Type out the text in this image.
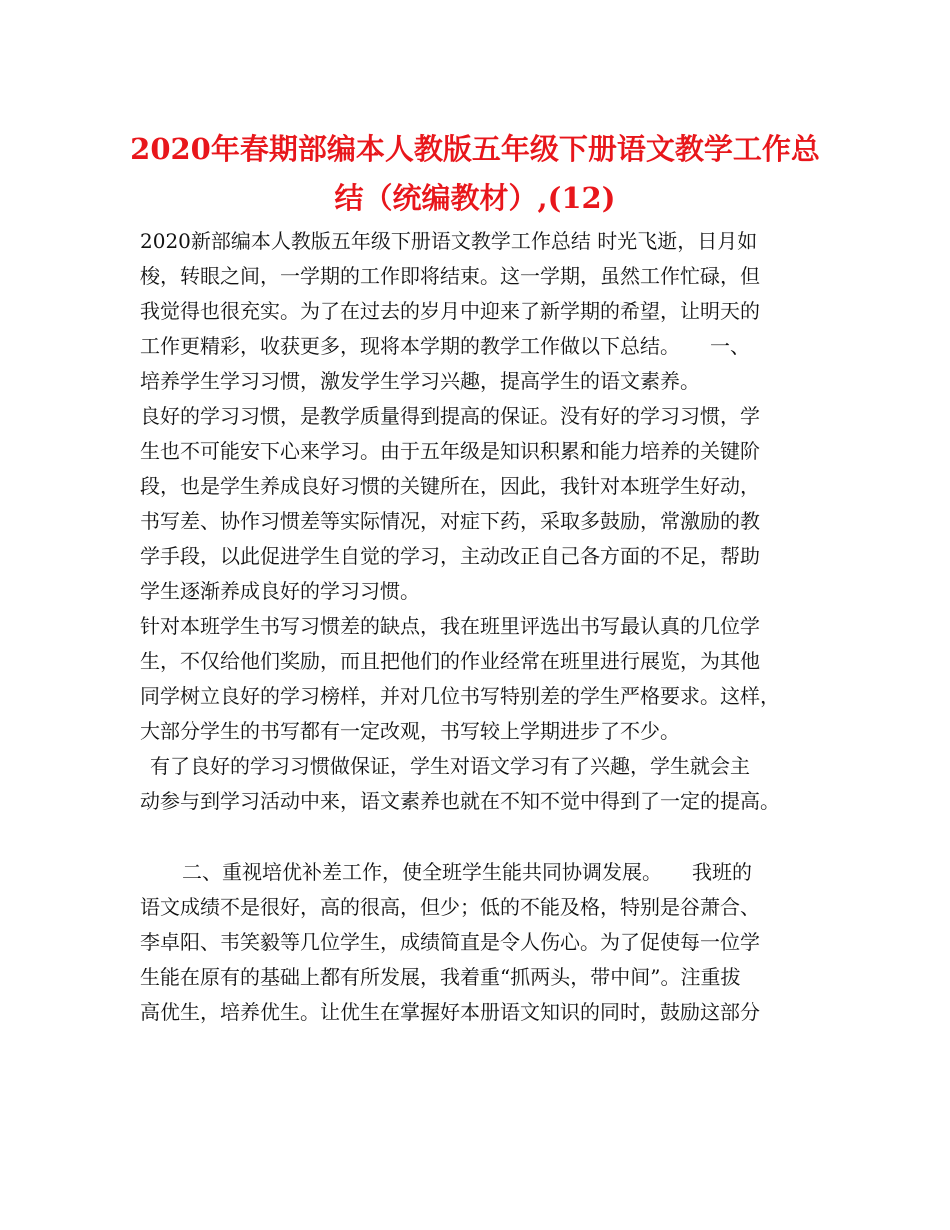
2020年春期部编本人教版五年级下册语文教学工作总
结（统编教材）,(12)
2020新部编本人教版五年级下册语文教学工作总结 时光飞逝，日月如
梭，转眼之间，一学期的工作即将结束。这一学期，虽然工作忙碌，但
我觉得也很充实。为了在过去的岁月中迎来了新学期的希望，让明天的
工作更精彩，收获更多，现将本学期的教学工作做以下总结。　　一、
培养学生学习习惯，激发学生学习兴趣，提高学生的语文素养。
良好的学习习惯，是教学质量得到提高的保证。没有好的学习习惯，学
生也不可能安下心来学习。由于五年级是知识积累和能力培养的关键阶
段，也是学生养成良好习惯的关键所在，因此，我针对本班学生好动，
书写差、协作习惯差等实际情况，对症下药，采取多鼓励，常激励的教
学手段，以此促进学生自觉的学习，主动改正自己各方面的不足，帮助
学生逐渐养成良好的学习习惯。
针对本班学生书写习惯差的缺点，我在班里评选出书写最认真的几位学
生，不仅给他们奖励，而且把他们的作业经常在班里进行展览，为其他
同学树立良好的学习榜样，并对几位书写特别差的学生严格要求。这样，
大部分学生的书写都有一定改观，书写较上学期进步了不少。
有了良好的学习习惯做保证，学生对语文学习有了兴趣，学生就会主
动参与到学习活动中来，语文素养也就在不知不觉中得到了一定的提高。
二、重视培优补差工作，使全班学生能共同协调发展。　　我班的
语文成绩不是很好，高的很高，但少；低的不能及格，特别是谷萧合、
李卓阳、韦笑毅等几位学生，成绩简直是令人伤心。为了促使每一位学
生能在原有的基础上都有所发展，我着重“抓两头，带中间”。注重拔
高优生，培养优生。让优生在掌握好本册语文知识的同时，鼓励这部分
